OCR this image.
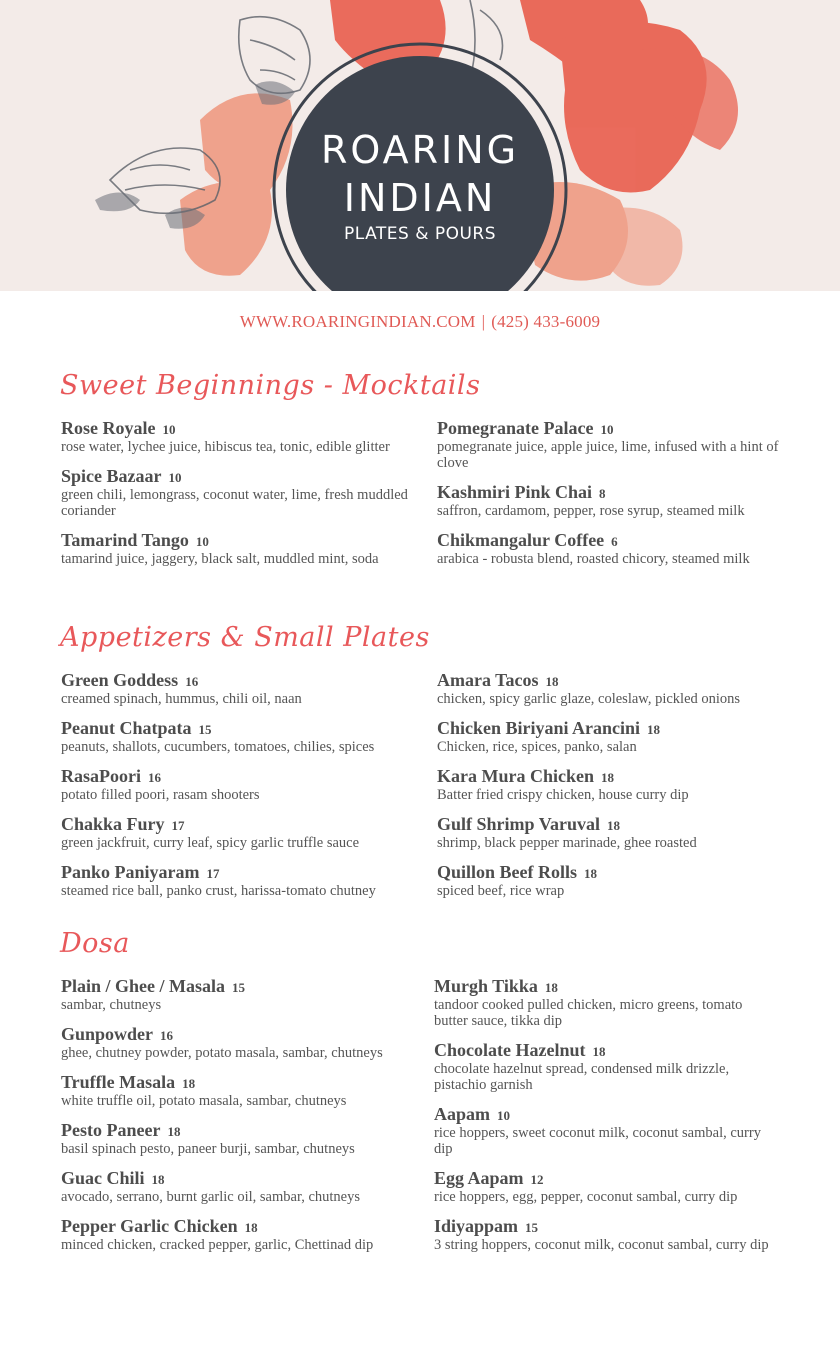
ROARING
INDIAN
PLATES & POURS
WWW.ROARINGINDIAN.COM | (425) 433-6009
Sweet Beginnings - Mocktails
Rose Royale 10
rose water, lychee juice, hibiscus tea, tonic, edible glitter
Spice Bazaar 10
green chili, lemongrass, coconut water, lime, fresh muddled coriander
Tamarind Tango 10
tamarind juice, jaggery, black salt, muddled mint, soda
Pomegranate Palace 10
pomegranate juice, apple juice, lime, infused with a hint of clove
Kashmiri Pink Chai 8
saffron, cardamom, pepper, rose syrup, steamed milk
Chikmangalur Coffee 6
arabica - robusta blend, roasted chicory, steamed milk
Appetizers & Small Plates
Green Goddess 16
creamed spinach, hummus, chili oil, naan
Peanut Chatpata 15
peanuts, shallots, cucumbers, tomatoes, chilies, spices
RasaPoori 16
potato filled poori, rasam shooters
Chakka Fury 17
green jackfruit, curry leaf, spicy garlic truffle sauce
Panko Paniyaram 17
steamed rice ball, panko crust, harissa-tomato chutney
Amara Tacos 18
chicken, spicy garlic glaze, coleslaw, pickled onions
Chicken Biriyani Arancini 18
Chicken, rice, spices, panko, salan
Kara Mura Chicken 18
Batter fried crispy chicken, house curry dip
Gulf Shrimp Varuval 18
shrimp, black pepper marinade, ghee roasted
Quillon Beef Rolls 18
spiced beef, rice wrap
Dosa
Plain / Ghee / Masala 15
sambar, chutneys
Gunpowder 16
ghee, chutney powder, potato masala, sambar, chutneys
Truffle Masala 18
white truffle oil, potato masala, sambar, chutneys
Pesto Paneer 18
basil spinach pesto, paneer burji, sambar, chutneys
Guac Chili 18
avocado, serrano, burnt garlic oil, sambar, chutneys
Pepper Garlic Chicken 18
minced chicken, cracked pepper, garlic, Chettinad dip
Murgh Tikka 18
tandoor cooked pulled chicken, micro greens, tomato butter sauce, tikka dip
Chocolate Hazelnut 18
chocolate hazelnut spread, condensed milk drizzle, pistachio garnish
Aapam 10
rice hoppers, sweet coconut milk, coconut sambal, curry dip
Egg Aapam 12
rice hoppers, egg, pepper, coconut sambal, curry dip
Idiyappam 15
3 string hoppers, coconut milk, coconut sambal, curry dip
